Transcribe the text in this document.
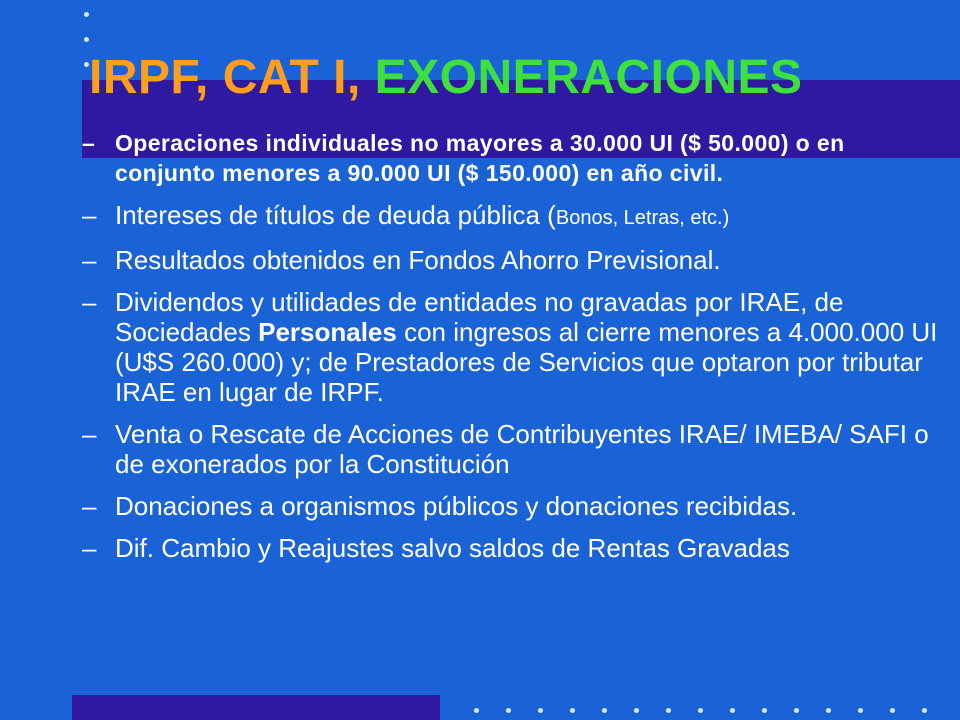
IRPF, CAT I, EXONERACIONES
– Operaciones individuales no mayores a 30.000 UI ($ 50.000) o en conjunto menores a 90.000 UI ($ 150.000) en año civil.
– Intereses de títulos de deuda pública (Bonos, Letras, etc.)
– Resultados obtenidos en Fondos Ahorro Previsional.
– Dividendos y utilidades de entidades no gravadas por IRAE, de Sociedades Personales con ingresos al cierre menores a 4.000.000 UI (U$S 260.000) y; de Prestadores de Servicios que optaron por tributar IRAE en lugar de IRPF.
– Venta o Rescate de Acciones de Contribuyentes IRAE/ IMEBA/ SAFI o de exonerados por la Constitución
– Donaciones a organismos públicos y donaciones recibidas.
– Dif. Cambio y Reajustes salvo saldos de Rentas Gravadas
